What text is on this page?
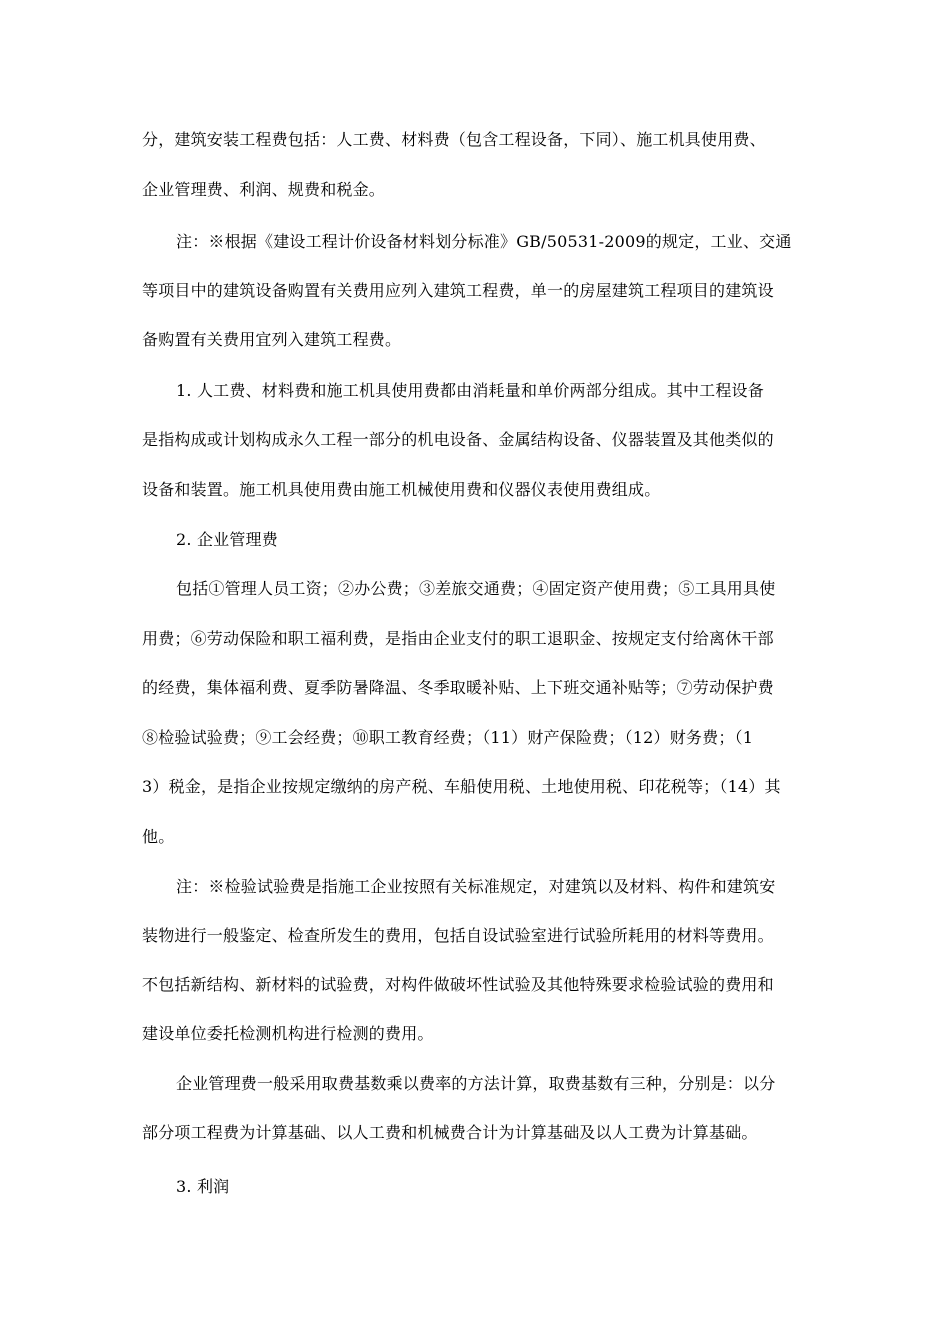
分，建筑安装工程费包括：人工费、材料费（包含工程设备，下同）、施工机具使用费、
企业管理费、利润、规费和税金。
注：※根据《建设工程计价设备材料划分标准》GB/50531-2009的规定，工业、交通
等项目中的建筑设备购置有关费用应列入建筑工程费，单一的房屋建筑工程项目的建筑设
备购置有关费用宜列入建筑工程费。
1. 人工费、材料费和施工机具使用费都由消耗量和单价两部分组成。其中工程设备
是指构成或计划构成永久工程一部分的机电设备、金属结构设备、仪器装置及其他类似的
设备和装置。施工机具使用费由施工机械使用费和仪器仪表使用费组成。
2. 企业管理费
包括①管理人员工资；②办公费；③差旅交通费；④固定资产使用费；⑤工具用具使
用费；⑥劳动保险和职工福利费，是指由企业支付的职工退职金、按规定支付给离休干部
的经费，集体福利费、夏季防暑降温、冬季取暖补贴、上下班交通补贴等；⑦劳动保护费
⑧检验试验费；⑨工会经费；⑩职工教育经费；（11）财产保险费；（12）财务费；（1
3）税金，是指企业按规定缴纳的房产税、车船使用税、土地使用税、印花税等；（14）其
他。
注：※检验试验费是指施工企业按照有关标准规定，对建筑以及材料、构件和建筑安
装物进行一般鉴定、检查所发生的费用，包括自设试验室进行试验所耗用的材料等费用。
不包括新结构、新材料的试验费，对构件做破坏性试验及其他特殊要求检验试验的费用和
建设单位委托检测机构进行检测的费用。
企业管理费一般采用取费基数乘以费率的方法计算，取费基数有三种，分别是：以分
部分项工程费为计算基础、以人工费和机械费合计为计算基础及以人工费为计算基础。
3. 利润
